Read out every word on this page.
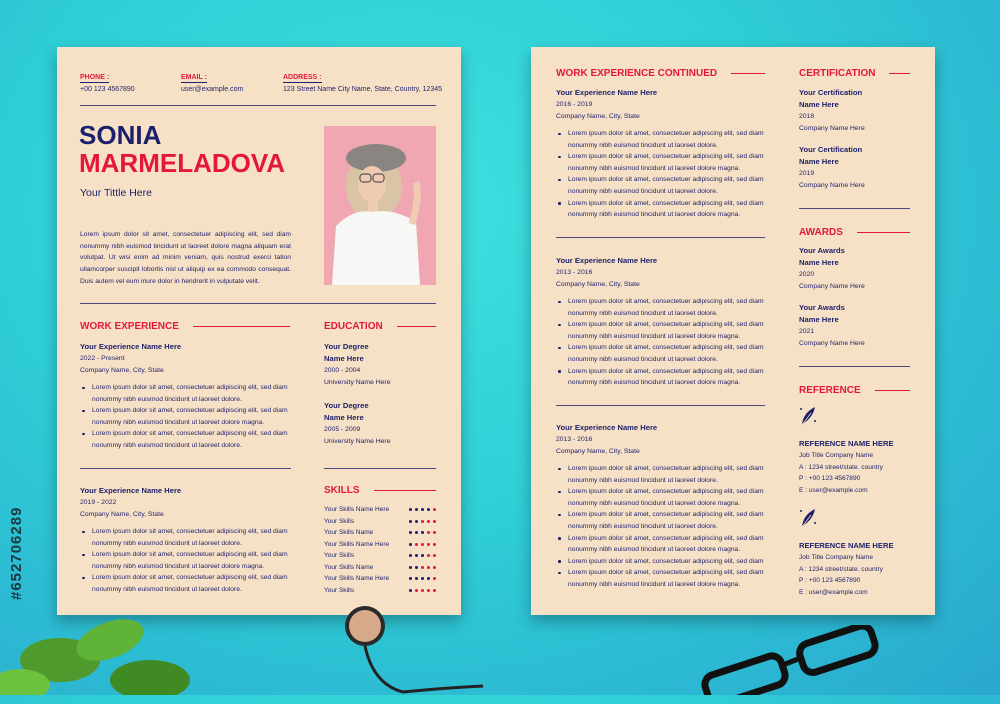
#652706289
PHONE :
+00 123 4567890
EMAIL :
user@example.com
ADDRESS :
123 Street Name City Name, State, Country, 12345
SONIA
MARMELADOVA
Your Tittle Here
Lorem ipsum dolor sit amet, consectetuer adipiscing elit, sed diam nonummy nibh euismod tincidunt ut laoreet dolore magna aliquam erat volutpat. Ut wisi enim ad minim veniam, quis nostrud exerci tation ullamcorper suscipit lobortis nisl ut aliquip ex ea commodo consequat. Duis autem vel eum iriure dolor in hendrerit in vulputate velit.
WORK EXPERIENCE
Your Experience Name Here
2022 - Present
Company Name, City, State
Lorem ipsum dolor sit amet, consectetuer adipiscing elit, sed diam nonummy nibh euismod tincidunt ut laoreet dolore.
Lorem ipsum dolor sit amet, consectetuer adipiscing elit, sed diam nonummy nibh euismod tincidunt ut laoreet dolore magna.
Lorem ipsum dolor sit amet, consectetuer adipiscing elit, sed diam nonummy nibh euismod tincidunt ut laoreet dolore.
Your Experience Name Here
2019 - 2022
Company Name, City, State
Lorem ipsum dolor sit amet, consectetuer adipiscing elit, sed diam nonummy nibh euismod tincidunt ut laoreet dolore.
Lorem ipsum dolor sit amet, consectetuer adipiscing elit, sed diam nonummy nibh euismod tincidunt ut laoreet dolore magna.
Lorem ipsum dolor sit amet, consectetuer adipiscing elit, sed diam nonummy nibh euismod tincidunt ut laoreet dolore.
EDUCATION
Your Degree
Name Here
2000 - 2004
University Name Here
Your Degree
Name Here
2005 - 2009
University Name Here
SKILLS
Your Skills Name Here
Your Skills
Your Skills Name
Your Skills Name Here
Your Skills
Your Skills Name
Your Skills Name Here
Your Skills
WORK EXPERIENCE CONTINUED
Your Experience Name Here
2016 - 2019
Company Name, City, State
Lorem ipsum dolor sit amet, consectetuer adipiscing elit, sed diam nonummy nibh euismod tincidunt ut laoreet dolore.
Lorem ipsum dolor sit amet, consectetuer adipiscing elit, sed diam nonummy nibh euismod tincidunt ut laoreet dolore magna.
Lorem ipsum dolor sit amet, consectetuer adipiscing elit, sed diam nonummy nibh euismod tincidunt ut laoreet dolore.
Lorem ipsum dolor sit amet, consectetuer adipiscing elit, sed diam nonummy nibh euismod tincidunt ut laoreet dolore magna.
Your Experience Name Here
2013 - 2016
Company Name, City, State
Lorem ipsum dolor sit amet, consectetuer adipiscing elit, sed diam nonummy nibh euismod tincidunt ut laoreet dolore.
Lorem ipsum dolor sit amet, consectetuer adipiscing elit, sed diam nonummy nibh euismod tincidunt ut laoreet dolore magna.
Lorem ipsum dolor sit amet, consectetuer adipiscing elit, sed diam nonummy nibh euismod tincidunt ut laoreet dolore.
Lorem ipsum dolor sit amet, consectetuer adipiscing elit, sed diam nonummy nibh euismod tincidunt ut laoreet dolore magna.
Your Experience Name Here
2013 - 2016
Company Name, City, State
Lorem ipsum dolor sit amet, consectetuer adipiscing elit, sed diam nonummy nibh euismod tincidunt ut laoreet dolore.
Lorem ipsum dolor sit amet, consectetuer adipiscing elit, sed diam nonummy nibh euismod tincidunt ut laoreet dolore magna.
Lorem ipsum dolor sit amet, consectetuer adipiscing elit, sed diam nonummy nibh euismod tincidunt ut laoreet dolore.
Lorem ipsum dolor sit amet, consectetuer adipiscing elit, sed diam nonummy nibh euismod tincidunt ut laoreet dolore magna.
Lorem ipsum dolor sit amet, consectetuer adipiscing elit, sed diam
Lorem ipsum dolor sit amet, consectetuer adipiscing elit, sed diam nonummy nibh euismod tincidunt ut laoreet dolore magna.
CERTIFICATION
Your Certification
Name Here
2018
Company Name Here
Your Certification
Name Here
2019
Company Name Here
AWARDS
Your Awards
Name Here
2020
Company Name Here
Your Awards
Name Here
2021
Company Name Here
REFERENCE
REFERENCE NAME HERE
Job Title Company Name
A : 1234 street/state. country
P : +00 123 4567890
E : user@example.com
REFERENCE NAME HERE
Job Title Company Name
A : 1234 street/state. country
P : +00 123 4567890
E : user@example.com
